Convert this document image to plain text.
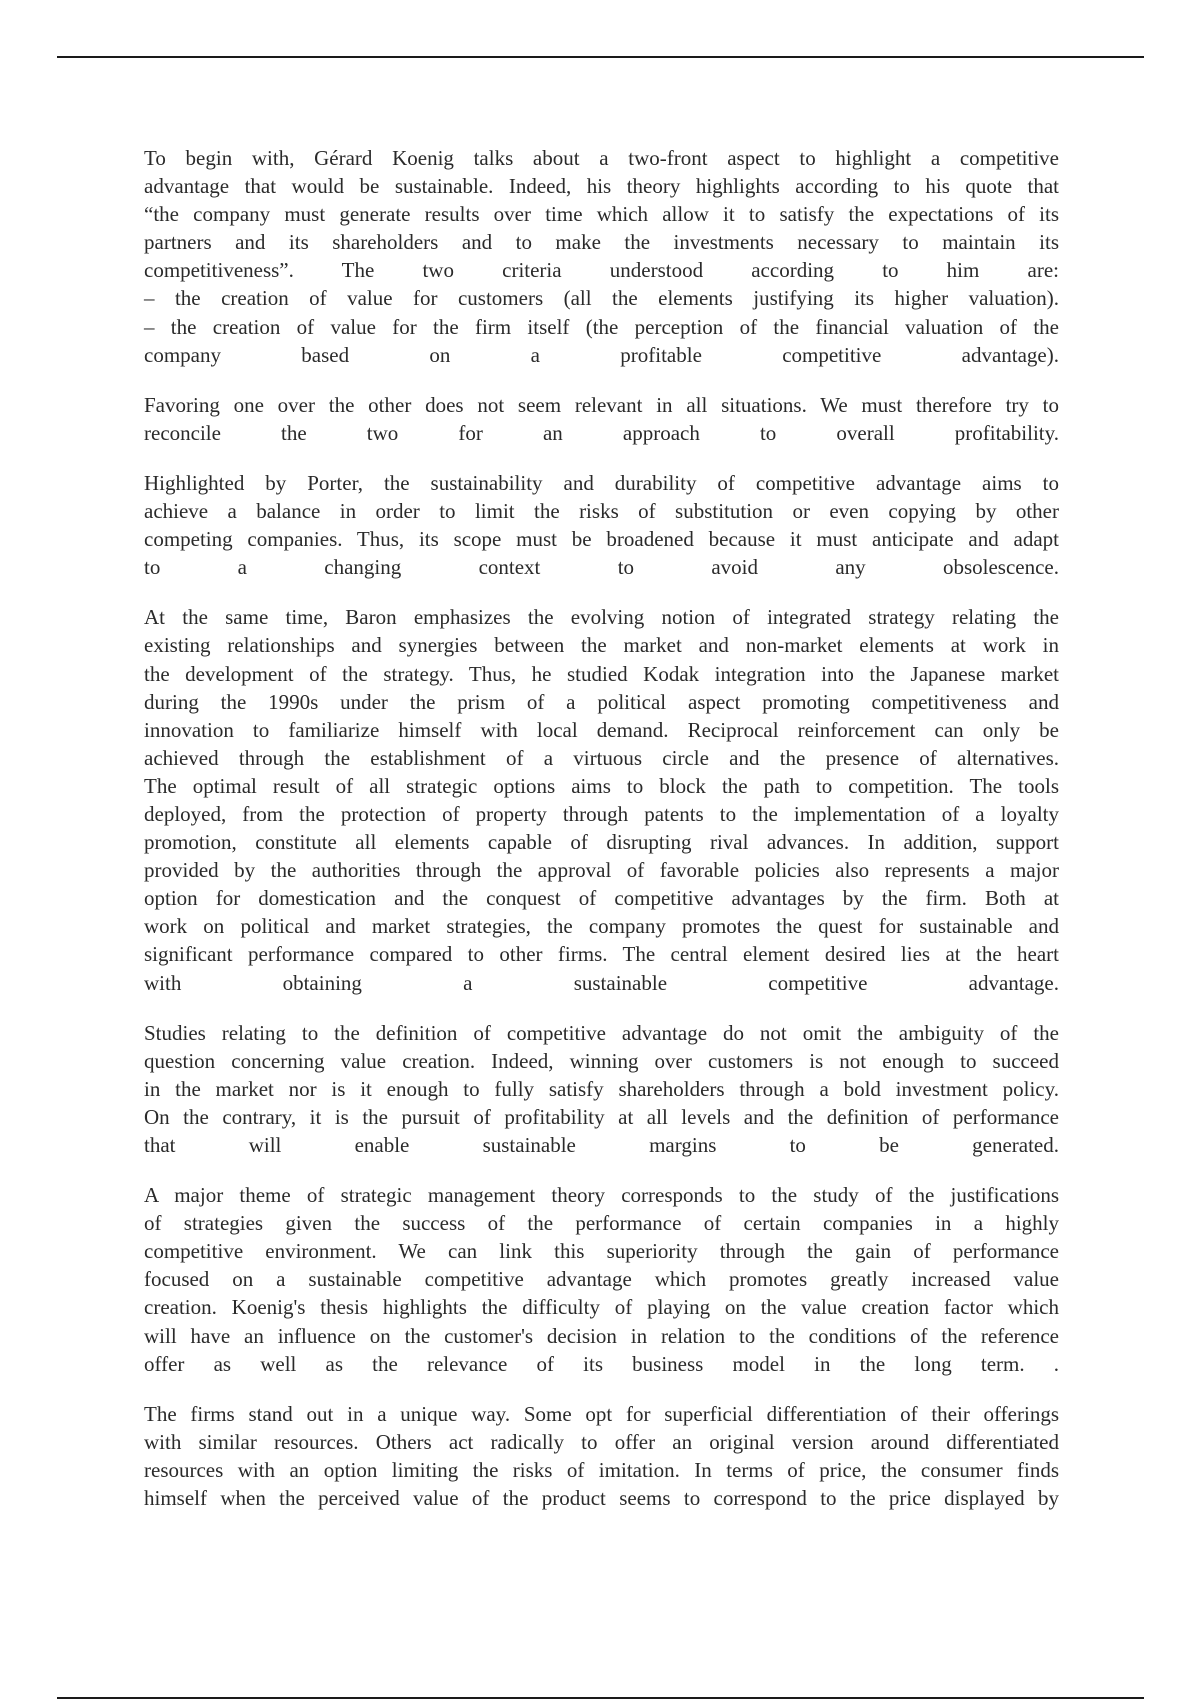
To begin with, Gérard Koenig talks about a two-front aspect to highlight a competitive
advantage that would be sustainable. Indeed, his theory highlights according to his quote that
“the company must generate results over time which allow it to satisfy the expectations of its
partners and its shareholders and to make the investments necessary to maintain its
competitiveness”. The two criteria understood according to him are:
– the creation of value for customers (all the elements justifying its higher valuation).
– the creation of value for the firm itself (the perception of the financial valuation of the
company based on a profitable competitive advantage).
Favoring one over the other does not seem relevant in all situations. We must therefore try to
reconcile the two for an approach to overall profitability.
Highlighted by Porter, the sustainability and durability of competitive advantage aims to
achieve a balance in order to limit the risks of substitution or even copying by other
competing companies. Thus, its scope must be broadened because it must anticipate and adapt
to a changing context to avoid any obsolescence.
At the same time, Baron emphasizes the evolving notion of integrated strategy relating the
existing relationships and synergies between the market and non-market elements at work in
the development of the strategy. Thus, he studied Kodak integration into the Japanese market
during the 1990s under the prism of a political aspect promoting competitiveness and
innovation to familiarize himself with local demand. Reciprocal reinforcement can only be
achieved through the establishment of a virtuous circle and the presence of alternatives.
The optimal result of all strategic options aims to block the path to competition. The tools
deployed, from the protection of property through patents to the implementation of a loyalty
promotion, constitute all elements capable of disrupting rival advances. In addition, support
provided by the authorities through the approval of favorable policies also represents a major
option for domestication and the conquest of competitive advantages by the firm. Both at
work on political and market strategies, the company promotes the quest for sustainable and
significant performance compared to other firms. The central element desired lies at the heart
with obtaining a sustainable competitive advantage.
Studies relating to the definition of competitive advantage do not omit the ambiguity of the
question concerning value creation. Indeed, winning over customers is not enough to succeed
in the market nor is it enough to fully satisfy shareholders through a bold investment policy.
On the contrary, it is the pursuit of profitability at all levels and the definition of performance
that will enable sustainable margins to be generated.
A major theme of strategic management theory corresponds to the study of the justifications
of strategies given the success of the performance of certain companies in a highly
competitive environment. We can link this superiority through the gain of performance
focused on a sustainable competitive advantage which promotes greatly increased value
creation. Koenig's thesis highlights the difficulty of playing on the value creation factor which
will have an influence on the customer's decision in relation to the conditions of the reference
offer as well as the relevance of its business model in the long term. .
The firms stand out in a unique way. Some opt for superficial differentiation of their offerings
with similar resources. Others act radically to offer an original version around differentiated
resources with an option limiting the risks of imitation. In terms of price, the consumer finds
himself when the perceived value of the product seems to correspond to the price displayed by
